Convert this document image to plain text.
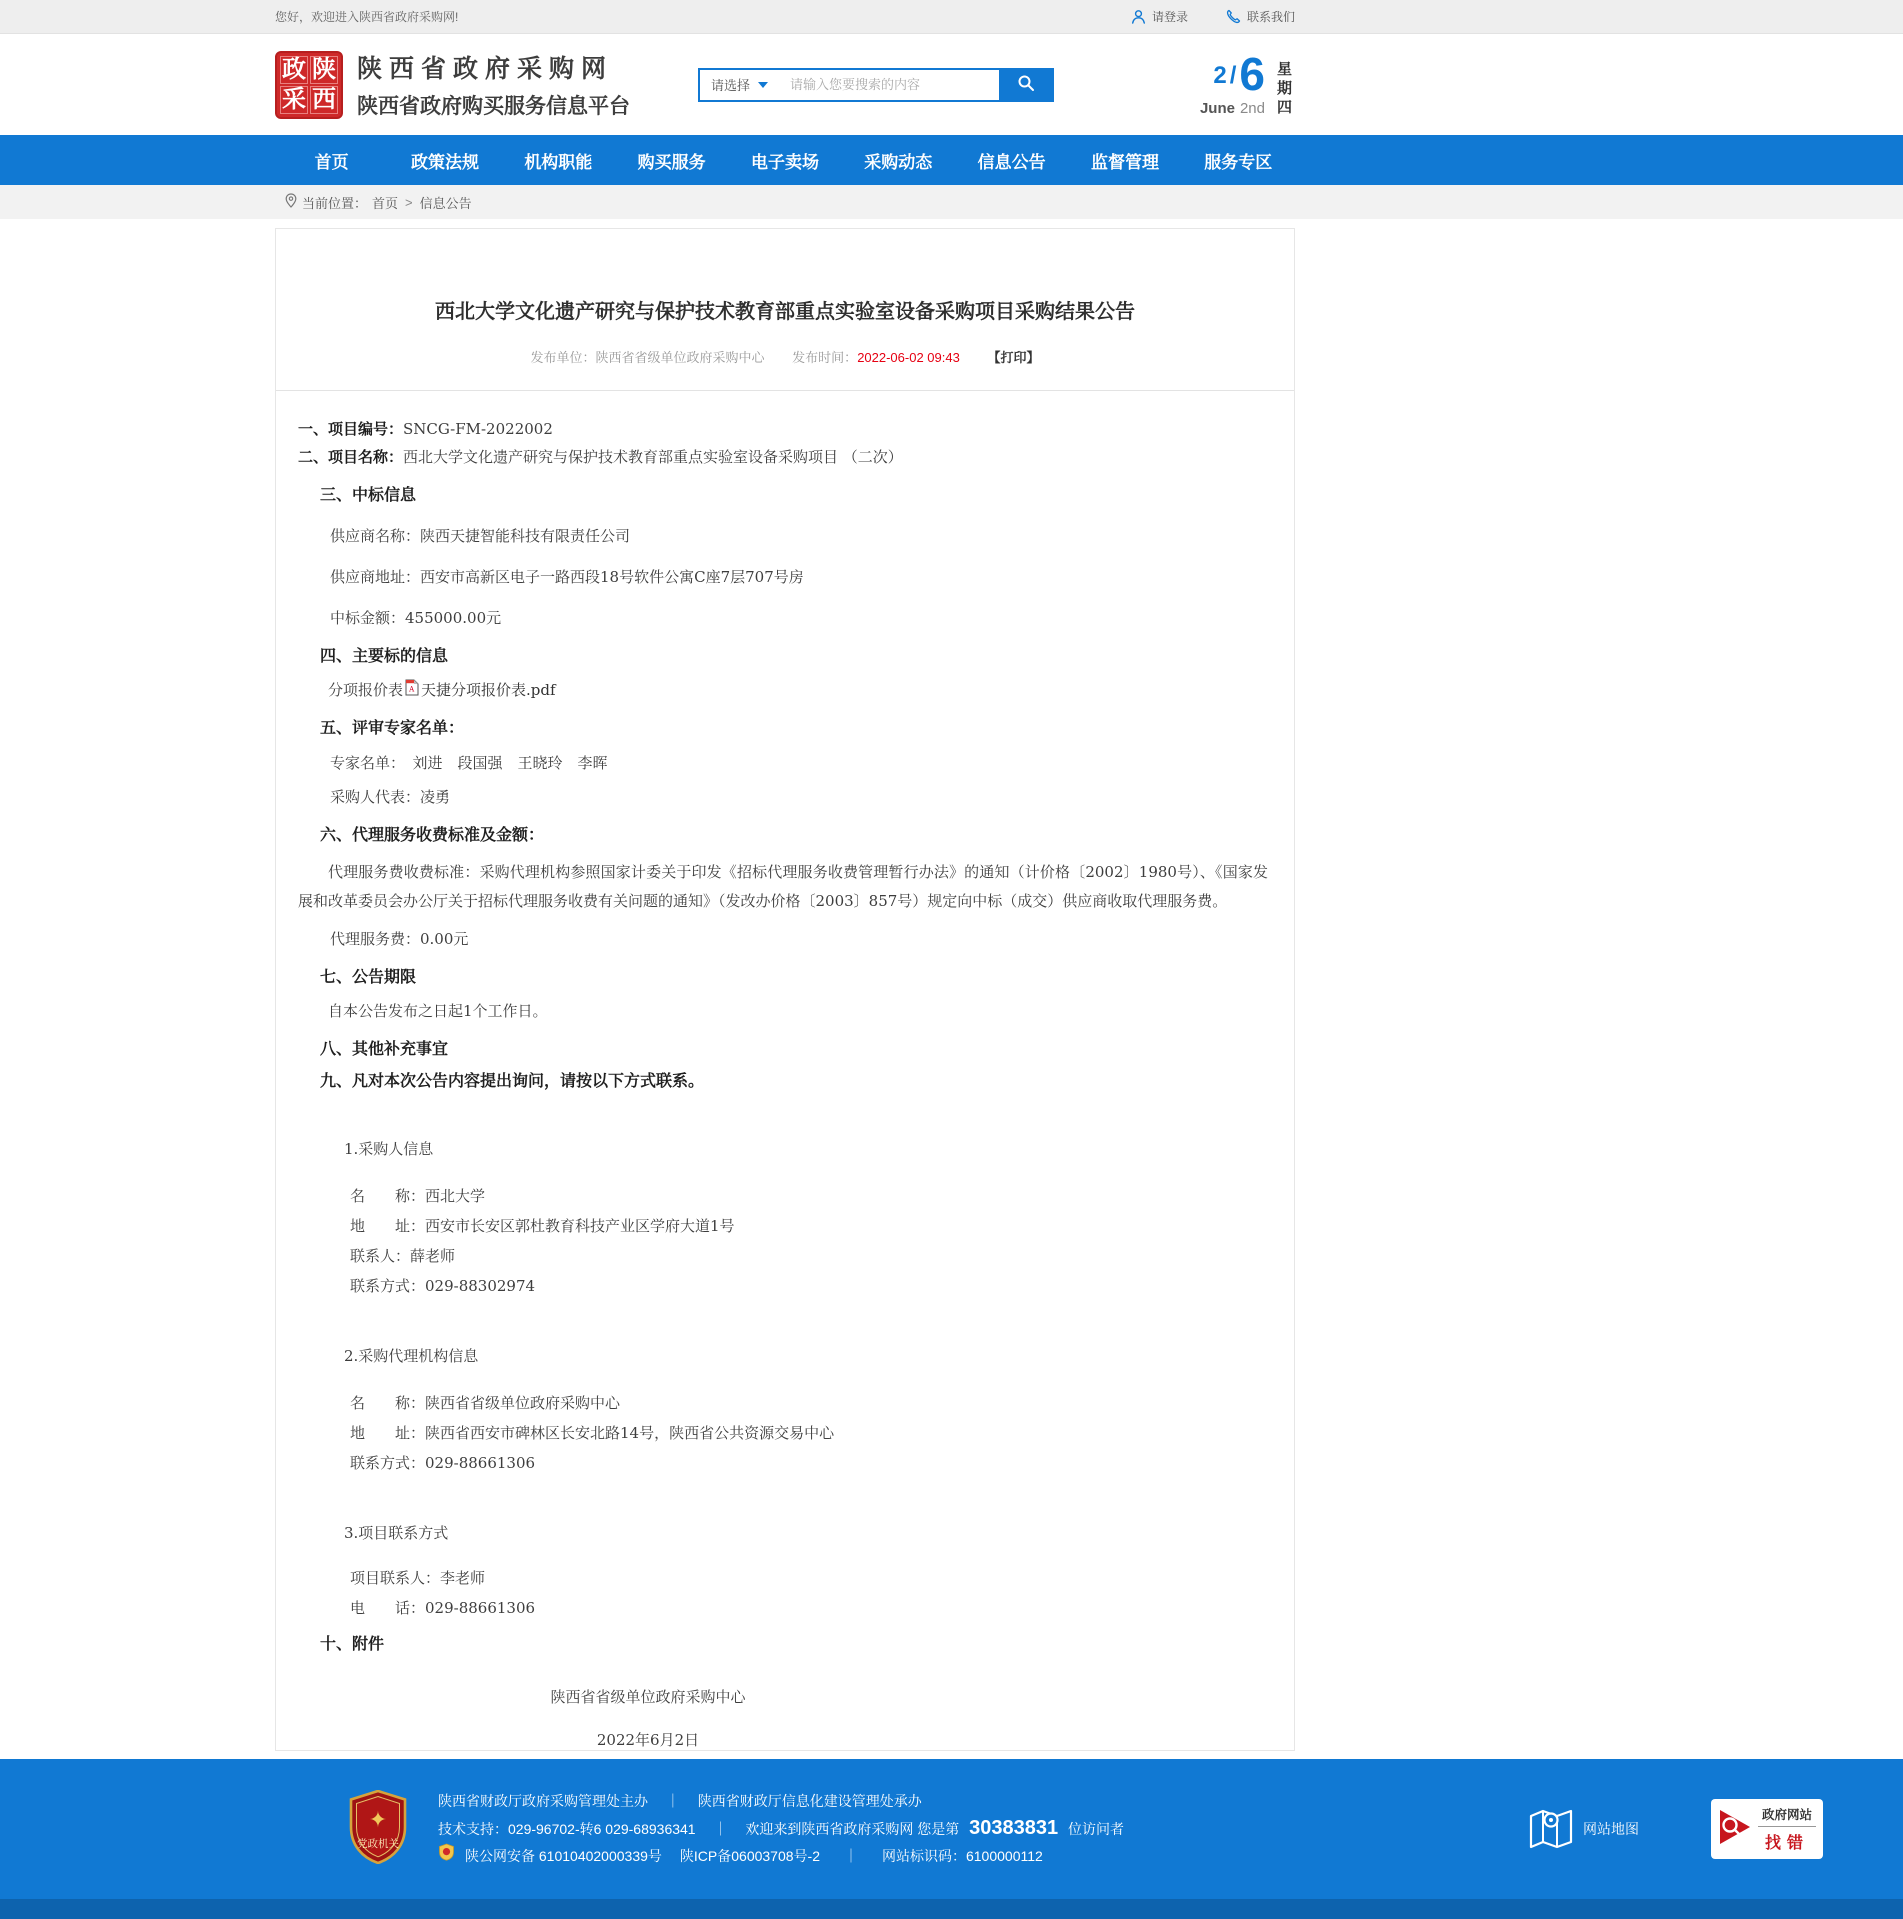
您好，欢迎进入陕西省政府采购网!	请登录	联系我们
政 陕
采 西
陕西省政府采购网
陕西省政府购买服务信息平台
请选择
请输入您要搜索的内容	2 / 6
June 2nd
星期四
首页	政策法规	机构职能	购买服务	电子卖场	采购动态	信息公告	监督管理	服务专区
当前位置： 首页 > 信息公告
西北大学文化遗产研究与保护技术教育部重点实验室设备采购项目采购结果公告
发布单位：陕西省省级单位政府采购中心 发布时间：2022-06-02 09:43 【打印】
一、项目编号：SNCG-FM-2022002
二、项目名称：西北大学文化遗产研究与保护技术教育部重点实验室设备采购项目 （二次）
三、中标信息
供应商名称：陕西天捷智能科技有限责任公司
供应商地址：西安市高新区电子一路西段18号软件公寓C座7层707号房
中标金额：455000.00元
四、主要标的信息
分项报价表 A 天捷分项报价表.pdf
五、评审专家名单：
专家名单：　刘进　段国强　王晓玲　李晖
采购人代表：凌勇
六、代理服务收费标准及金额：
代理服务费收费标准：采购代理机构参照国家计委关于印发《招标代理服务收费管理暂行办法》的通知（计价格〔2002〕1980号）、《国家发展和改革委员会办公厅关于招标代理服务收费有关问题的通知》（发改办价格〔2003〕857号）规定向中标（成交）供应商收取代理服务费。
代理服务费：0.00元
七、公告期限
自本公告发布之日起1个工作日。
八、其他补充事宜
九、凡对本次公告内容提出询问，请按以下方式联系。
1.采购人信息
名　　称：西北大学
地　　址：西安市长安区郭杜教育科技产业区学府大道1号
联系人：薛老师
联系方式：029-88302974
2.采购代理机构信息
名　　称：陕西省省级单位政府采购中心
地　　址：陕西省西安市碑林区长安北路14号，陕西省公共资源交易中心
联系方式：029-88661306
3.项目联系方式
项目联系人：李老师
电　　话：029-88661306
十、附件
陕西省省级单位政府采购中心
2022年6月2日
✦
党政机关
陕西省财政厅政府采购管理处主办 ｜ 陕西省财政厅信息化建设管理处承办
技术支持：029-96702-转6 029-68936341 ｜ 欢迎来到陕西省政府采购网 您是第 30383831 位访问者
陕公网安备 61010402000339号 陕ICP备06003708号-2 ｜ 网站标识码：6100000112
网站地图
政府网站
找错
